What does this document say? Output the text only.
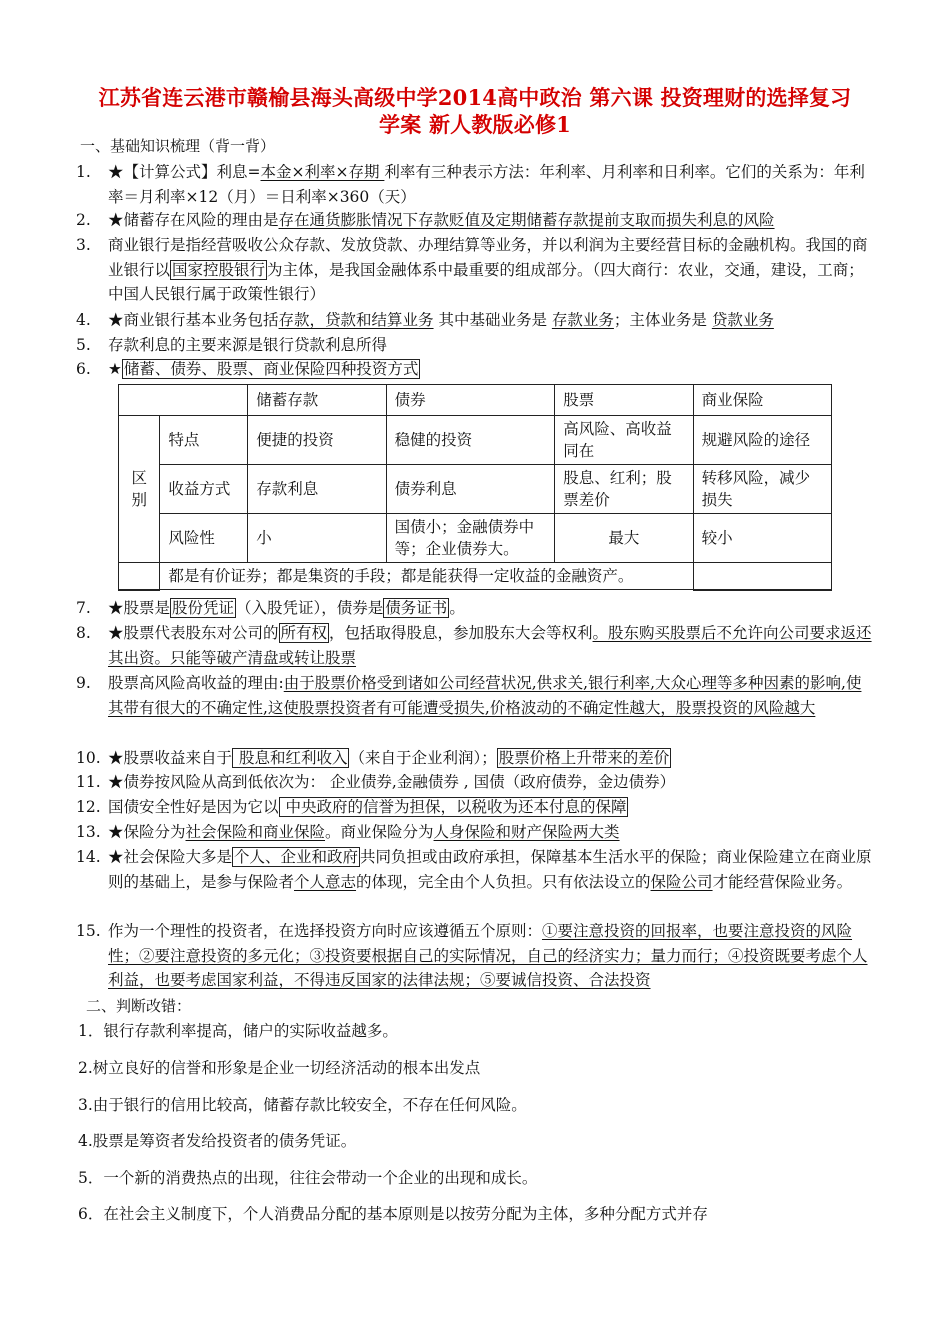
江苏省连云港市赣榆县海头高级中学2014高中政治 第六课 投资理财的选择复习
学案 新人教版必修1
一、基础知识梳理（背一背）
1.	★【计算公式】利息=本金×利率×存期 利率有三种表示方法：年利率、月利率和日利率。它们的关系为：年利率＝月利率×12（月）＝日利率×360（天）
2.	★储蓄存在风险的理由是存在通货膨胀情况下存款贬值及定期储蓄存款提前支取而损失利息的风险
3.	商业银行是指经营吸收公众存款、发放贷款、办理结算等业务，并以利润为主要经营目标的金融机构。我国的商业银行以 国家控股银行 为主体，是我国金融体系中最重要的组成部分。（四大商行：农业，交通，建设，工商；中国人民银行属于政策性银行）
4.	★商业银行基本业务包括存款，贷款和结算业务 其中基础业务是 存款业务；主体业务是 贷款业务
5.	存款利息的主要来源是银行贷款利息所得
6.	★ 储蓄、债券、股票、商业保险四种投资方式
		储蓄存款	债券	股票	商业保险
区别	特点	便捷的投资	稳健的投资	高风险、高收益同在	规避风险的途径
	收益方式	存款利息	债券利息	股息、红利；股票差价	转移风险，减少损失
	风险性	小	国债小；金融债券中等；企业债券大。	最大	较小
	都是有价证券；都是集资的手段；都是能获得一定收益的金融资产。				
7.	★股票是 股份凭证 （入股凭证），债券是 债务证书 。
8.	★股票代表股东对公司的 所有权 ，包括取得股息，参加股东大会等权利。股东购买股票后不允许向公司要求返还其出资。只能等破产清盘或转让股票
9.	股票高风险高收益的理由:由于股票价格受到诸如公司经营状况,供求关,银行利率,大众心理等多种因素的影响,使其带有很大的不确定性,这使股票投资者有可能遭受损失,价格波动的不确定性越大，股票投资的风险越大
10. ★股票收益来自于 股息和红利收入 （来自于企业利润）； 股票价格上升带来的差价
11. ★债券按风险从高到低依次为： 企业债券,金融债券 , 国债（政府债券，金边债券）
12. 国债安全性好是因为它以 中央政府的信誉为担保，以税收为还本付息的保障
13. ★保险分为社会保险和商业保险。商业保险分为人身保险和财产保险两大类
14. ★社会保险大多是 个人、企业和政府 共同负担或由政府承担，保障基本生活水平的保险；商业保险建立在商业原则的基础上，是参与保险者个人意志的体现，完全由个人负担。只有依法设立的保险公司才能经营保险业务。
15. 作为一个理性的投资者，在选择投资方向时应该遵循五个原则：①要注意投资的回报率，也要注意投资的风险性；②要注意投资的多元化；③投资要根据自己的实际情况，自己的经济实力；量力而行；④投资既要考虑个人利益，也要考虑国家利益，不得违反国家的法律法规；⑤要诚信投资、合法投资
二、判断改错：
1．银行存款利率提高，储户的实际收益越多。
2.树立良好的信誉和形象是企业一切经济活动的根本出发点
3.由于银行的信用比较高，储蓄存款比较安全，不存在任何风险。
4.股票是筹资者发给投资者的债务凭证。
5．一个新的消费热点的出现，往往会带动一个企业的出现和成长。
6．在社会主义制度下，个人消费品分配的基本原则是以按劳分配为主体，多种分配方式并存
